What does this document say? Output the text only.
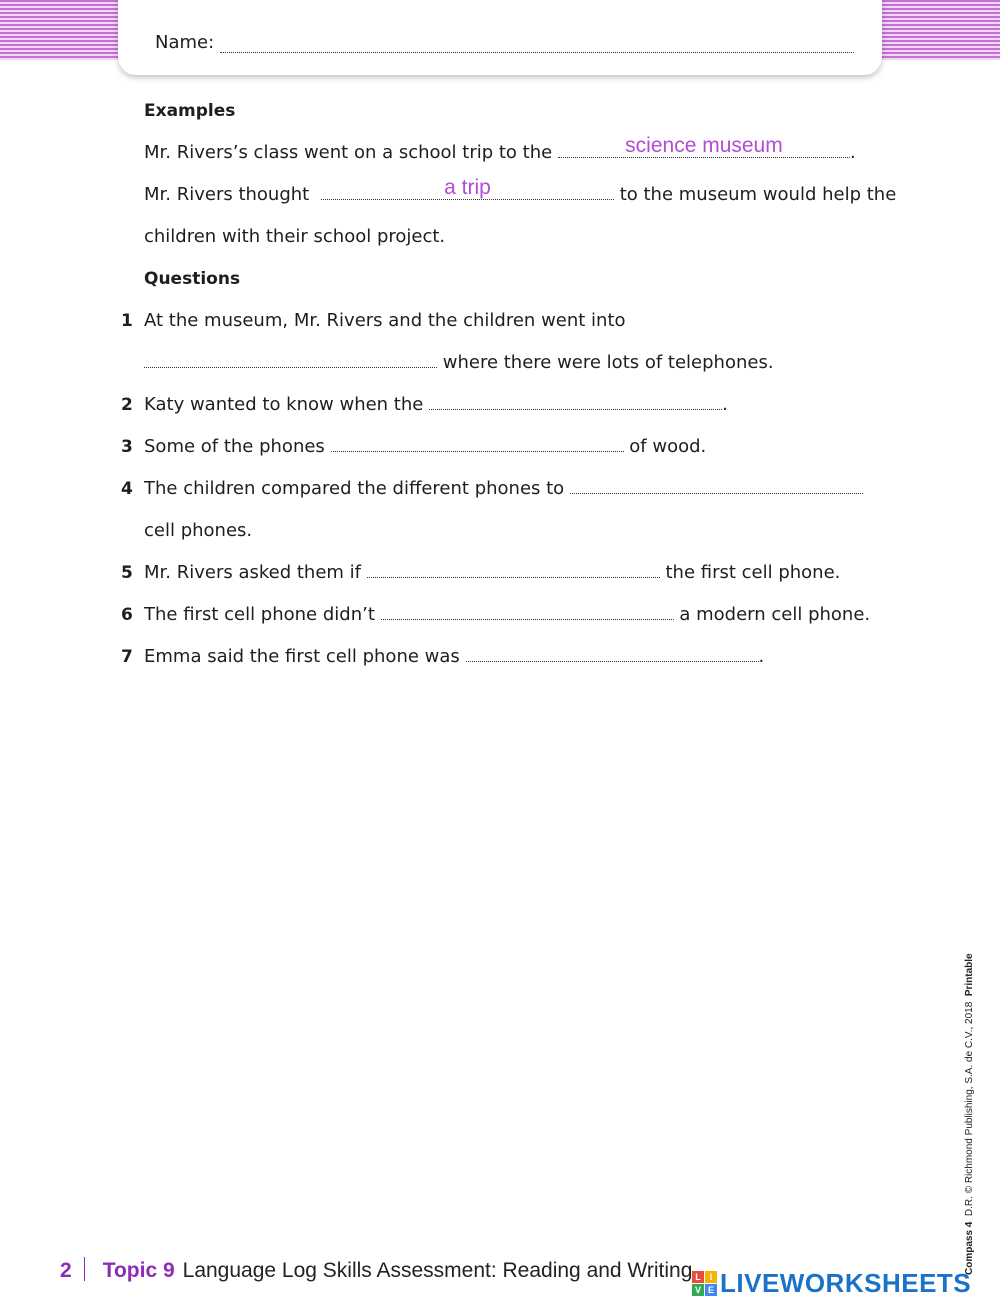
Name:
Examples
Mr. Rivers’s class went on a school trip to the	science museum	.
Mr. Rivers thought	a trip	to the museum would help the
children with their school project.
Questions
1 At the museum, Mr. Rivers and the children went into
where there were lots of telephones.
2 Katy wanted to know when the	.
3 Some of the phones	of wood.
4 The children compared the different phones to
cell phones.
5 Mr. Rivers asked them if	the first cell phone.
6 The first cell phone didn’t	a modern cell phone.
7 Emma said the first cell phone was	.
2 Topic 9 Language Log Skills Assessment: Reading and Writing	Compass 4  D.R. © Richmond Publishing, S.A. de C.V., 2018  Printable
L I
V E LIVEWORKSHEETS
